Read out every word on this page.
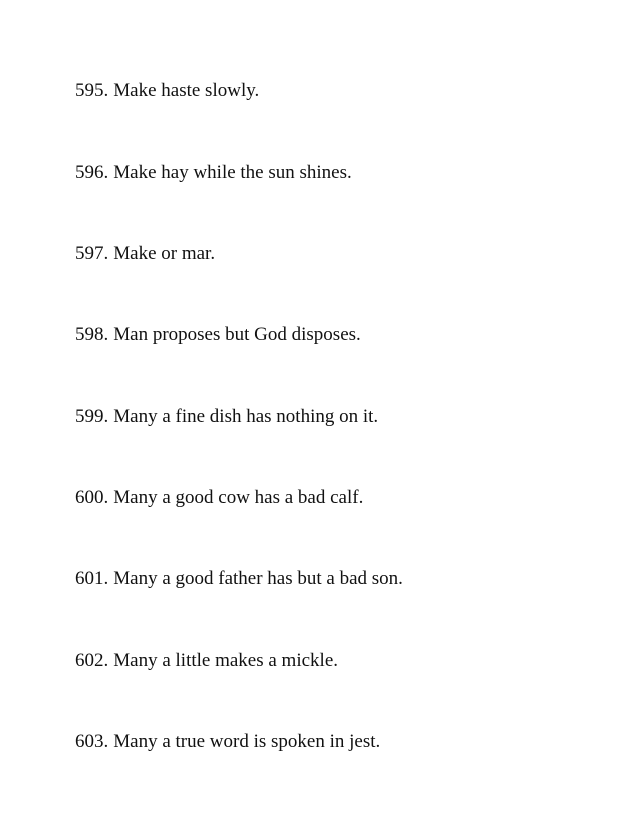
595. Make haste slowly.
596. Make hay while the sun shines.
597. Make or mar.
598. Man proposes but God disposes.
599. Many a fine dish has nothing on it.
600. Many a good cow has a bad calf.
601. Many a good father has but a bad son.
602. Many a little makes a mickle.
603. Many a true word is spoken in jest.
